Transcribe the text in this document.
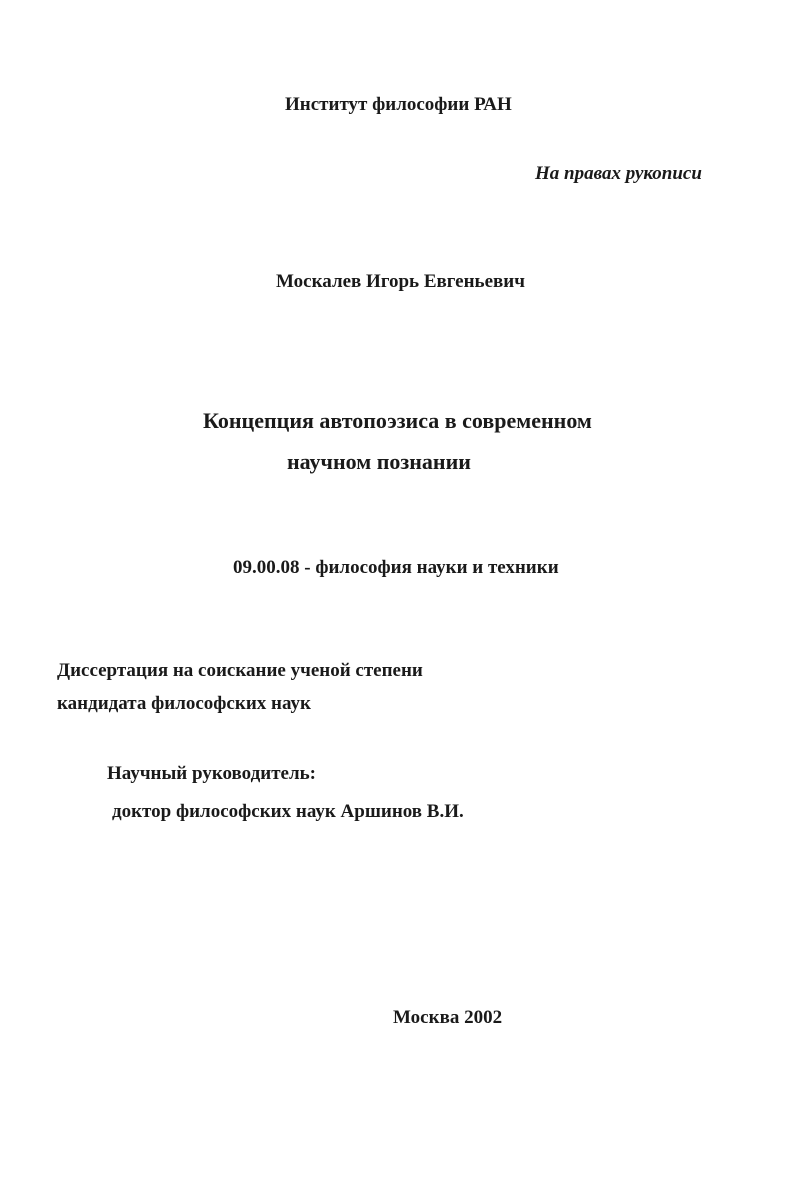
Институт философии РАН
На правах рукописи
Москалев Игорь Евгеньевич
Концепция автопоэзиса в современном
научном познании
09.00.08 - философия науки и техники
Диссертация на соискание ученой степени
кандидата философских наук
Научный руководитель:
доктор философских наук Аршинов В.И.
Москва 2002
